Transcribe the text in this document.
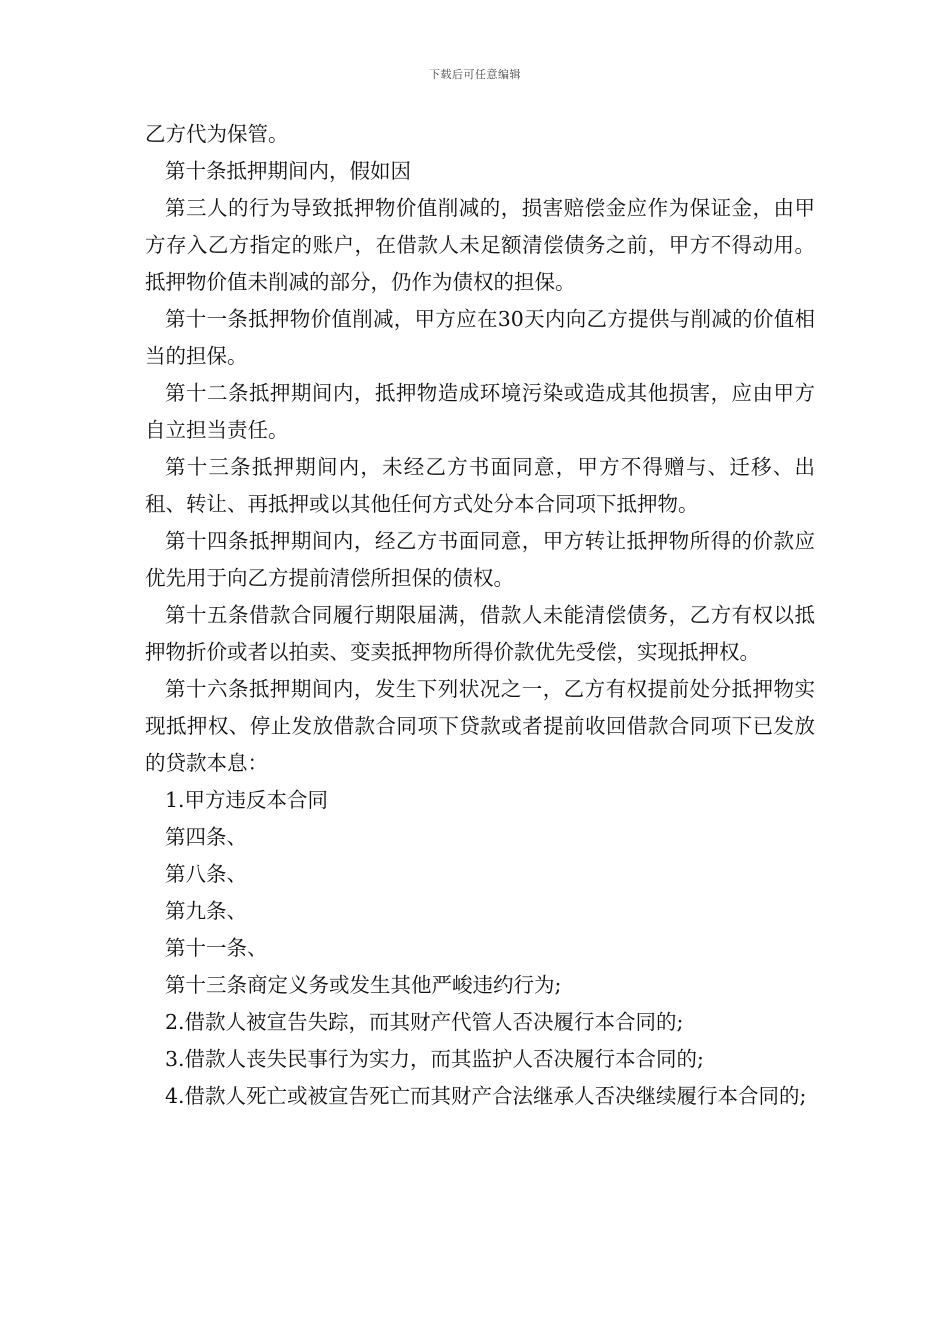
下载后可任意编辑

乙方代为保管。

第十条抵押期间内，假如因

第三人的行为导致抵押物价值削减的，损害赔偿金应作为保证金，由甲方存入乙方指定的账户，在借款人未足额清偿债务之前，甲方不得动用。抵押物价值未削减的部分，仍作为债权的担保。

第十一条抵押物价值削减，甲方应在30天内向乙方提供与削减的价值相当的担保。

第十二条抵押期间内，抵押物造成环境污染或造成其他损害，应由甲方自立担当责任。

第十三条抵押期间内，未经乙方书面同意，甲方不得赠与、迁移、出租、转让、再抵押或以其他任何方式处分本合同项下抵押物。

第十四条抵押期间内，经乙方书面同意，甲方转让抵押物所得的价款应优先用于向乙方提前清偿所担保的债权。

第十五条借款合同履行期限届满，借款人未能清偿债务，乙方有权以抵押物折价或者以拍卖、变卖抵押物所得价款优先受偿，实现抵押权。

第十六条抵押期间内，发生下列状况之一，乙方有权提前处分抵押物实现抵押权、停止发放借款合同项下贷款或者提前收回借款合同项下已发放的贷款本息：

1.甲方违反本合同

第四条、

第八条、

第九条、

第十一条、

第十三条商定义务或发生其他严峻违约行为;

2.借款人被宣告失踪，而其财产代管人否决履行本合同的;

3.借款人丧失民事行为实力，而其监护人否决履行本合同的;

4.借款人死亡或被宣告死亡而其财产合法继承人否决继续履行本合同的;
